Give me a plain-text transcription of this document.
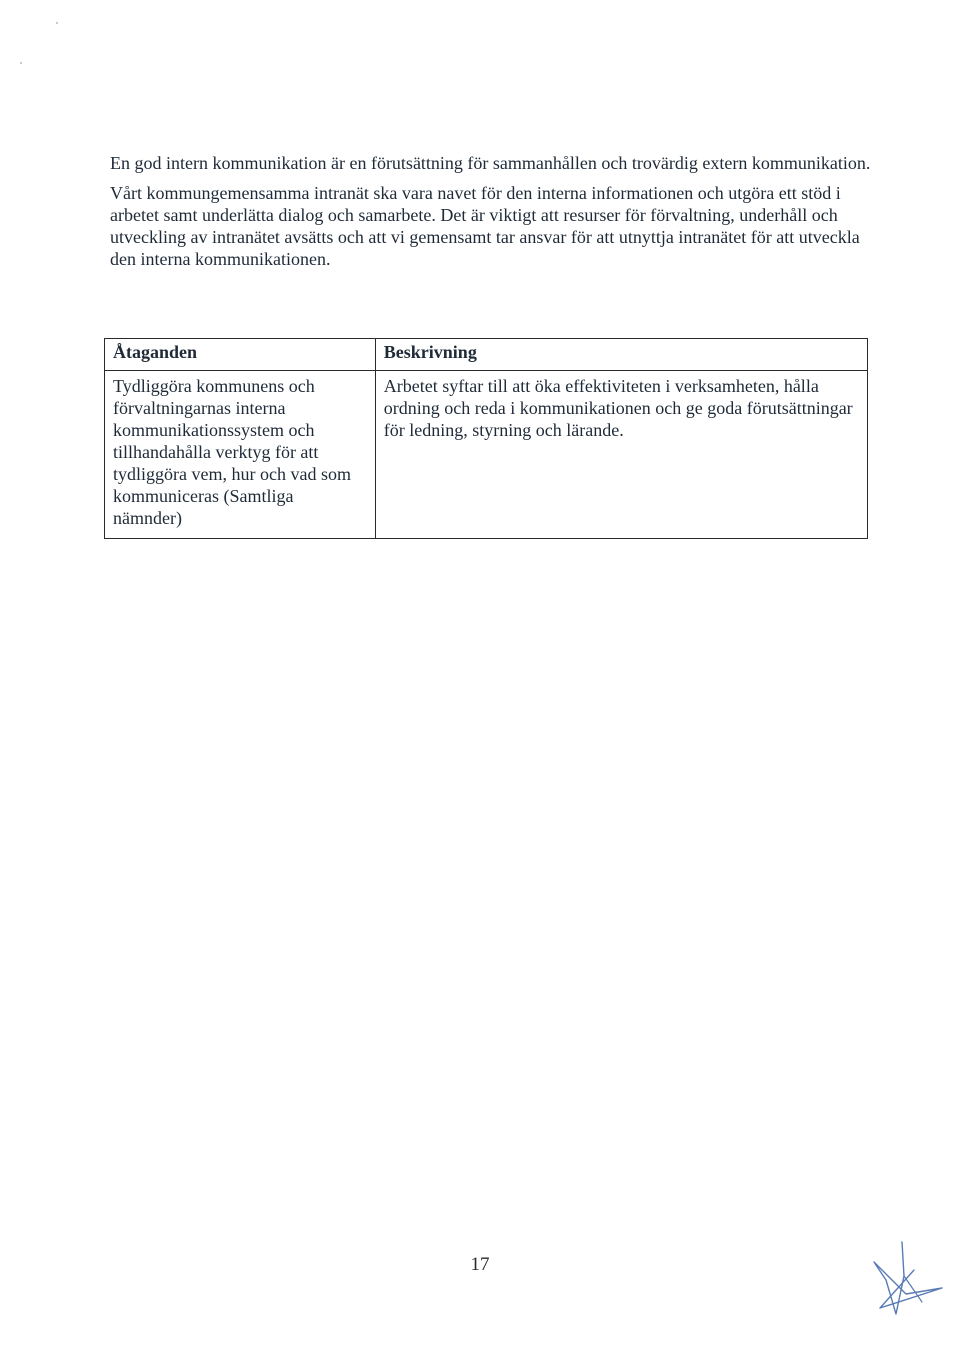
En god intern kommunikation är en förutsättning för sammanhållen och trovärdig extern kommunikation.

Vårt kommungemensamma intranät ska vara navet för den interna informationen och utgöra ett stöd i arbetet samt underlätta dialog och samarbete. Det är viktigt att resurser för förvaltning, underhåll och utveckling av intranätet avsätts och att vi gemensamt tar ansvar för att utnyttja intranätet för att utveckla den interna kommunikationen.

Åtaganden	Beskrivning
Tydliggöra kommunens och förvaltningarnas interna kommunikationssystem och tillhandahålla verktyg för att tydliggöra vem, hur och vad som kommuniceras (Samtliga nämnder)	Arbetet syftar till att öka effektiviteten i verksamheten, hålla ordning och reda i kommunikationen och ge goda förutsättningar för ledning, styrning och lärande.
17
